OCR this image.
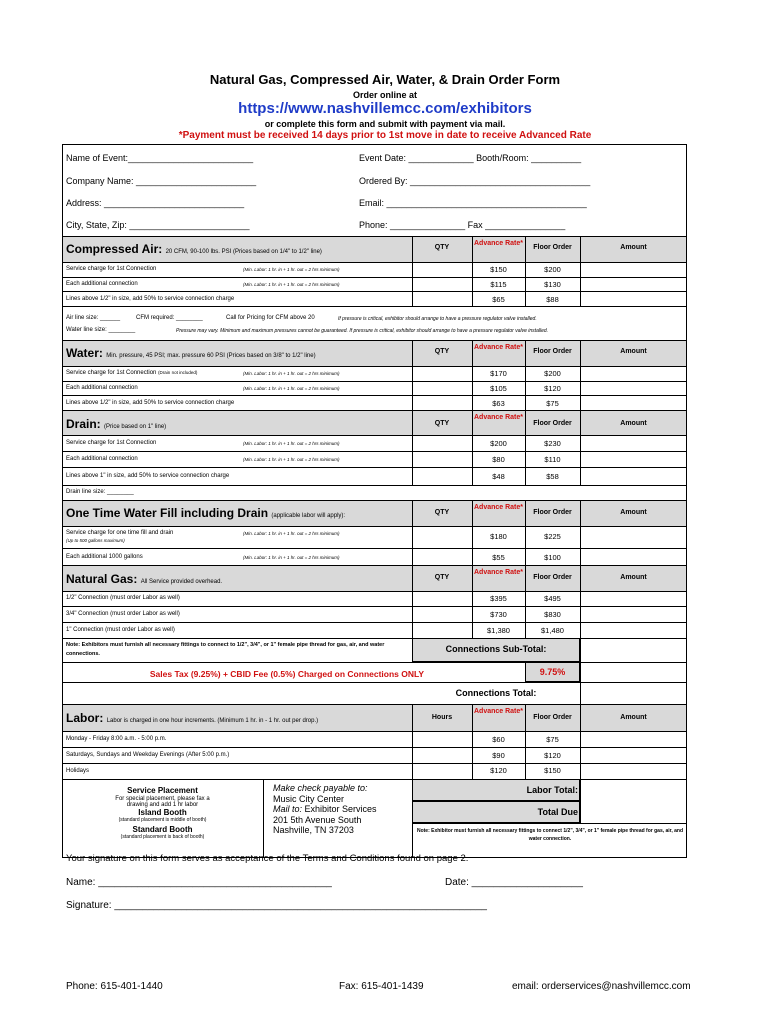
Natural Gas, Compressed Air, Water, & Drain Order Form
Order online at
https://www.nashvillemcc.com/exhibitors
or complete this form and submit with payment via mail.
*Payment must be received 14 days prior to 1st move in date to receive Advanced Rate
Name of Event:_________________________	Event Date: _____________ Booth/Room: __________
Company Name: ________________________	Ordered By: ____________________________________
Address: ____________________________	Email: ________________________________________
City, State, Zip: ________________________	Phone: _______________ Fax ________________
Compressed Air: 20 CFM, 90-100 lbs. PSI (Prices based on 1/4" to 1/2" line)
QTY
Advance Rate*
Floor Order	Amount
Service charge for 1st Connection	(Min. Labor: 1 hr. in + 1 hr. out = 2 hrs minimum)	$150	$200
Each additional connection	(Min. Labor: 1 hr. in + 1 hr. out = 2 hrs minimum)	$115	$130
Lines above 1/2" in size, add 50% to service connection charge	$65	$88
Air line size: ______	CFM required: ________	Call for Pricing for CFM above 20	If pressure is critical, exhibitor should arrange to have a pressure regulator valve installed.
Water line size: ________	Pressure may vary. Minimum and maximum pressures cannot be guaranteed. If pressure is critical, exhibitor should arrange to have a pressure regulator valve installed.
Water: Min. pressure, 45 PSI; max. pressure 60 PSI (Prices based on 3/8" to 1/2" line)
QTY
Advance Rate*
Floor Order	Amount
Service charge for 1st Connection (Drain not included)	(Min. Labor: 1 hr. in + 1 hr. out = 2 hrs minimum)	$170	$200
Each additional connection	(Min. Labor: 1 hr. in + 1 hr. out = 2 hrs minimum)	$105	$120
Lines above 1/2" in size, add 50% to service connection charge	$63	$75
Drain: (Price based on 1" line)	QTY
Advance Rate*
Floor Order	Amount
Service charge for 1st Connection	(Min. Labor: 1 hr. in + 1 hr. out = 2 hrs minimum)	$200	$230
Each additional connection	(Min. Labor: 1 hr. in + 1 hr. out = 2 hrs minimum)	$80	$110
Lines above 1" in size, add 50% to service connection charge	$48	$58
Drain line size: ________
One Time Water Fill including Drain (applicable labor will apply):	QTY
Advance Rate*
Floor Order	Amount
Service charge for one time fill and drain
(Up to 500 gallons maximum)
(Min. Labor: 1 hr. in + 1 hr. out = 2 hrs minimum)	$180	$225
Each additional 1000 gallons	(Min. Labor: 1 hr. in + 1 hr. out = 2 hrs minimum)	$55	$100
Natural Gas: All Service provided overhead.
QTY
Advance Rate*
Floor Order	Amount
1/2" Connection (must order Labor as well)	$395	$495
3/4" Connection (must order Labor as well)	$730	$830
1" Connection (must order Labor as well)	$1,380	$1,480
Note: Exhibitors must furnish all necessary fittings to connect to 1/2", 3/4", or 1" female pipe thread for gas, air, and water connections.	Connections Sub-Total:
Sales Tax (9.25%) + CBID Fee (0.5%) Charged on Connections ONLY	9.75%
Connections Total:
Labor: Labor is charged in one hour increments. (Minimum 1 hr. in - 1 hr. out per drop.)	Hours
Advance Rate*
Floor Order	Amount
Monday - Friday 8:00 a.m. - 5:00 p.m.	$60	$75
Saturdays, Sundays and Weekday Evenings (After 5:00 p.m.)	$90	$120
Holidays	$120	$150
Service Placement
For special placement, please fax a
drawing and add 1 hr labor
Island Booth
(standard placement is middle of booth)
Standard Booth
(standard placement is back of booth)
Make check payable to:
Music City Center
Mail to: Exhibitor Services
201 5th Avenue South
Nashville, TN 37203
Labor Total:
Total Due
Note: Exhibitor must furnish all necessary fittings to connect 1/2", 3/4", or 1" female pipe thread for gas, air, and water connection.
Your signature on this form serves as acceptance of the Terms and Conditions found on page 2.
Name: __________________________________________	Date: ____________________
Signature: ___________________________________________________________________
Phone: 615-401-1440	Fax: 615-401-1439	email: orderservices@nashvillemcc.com
